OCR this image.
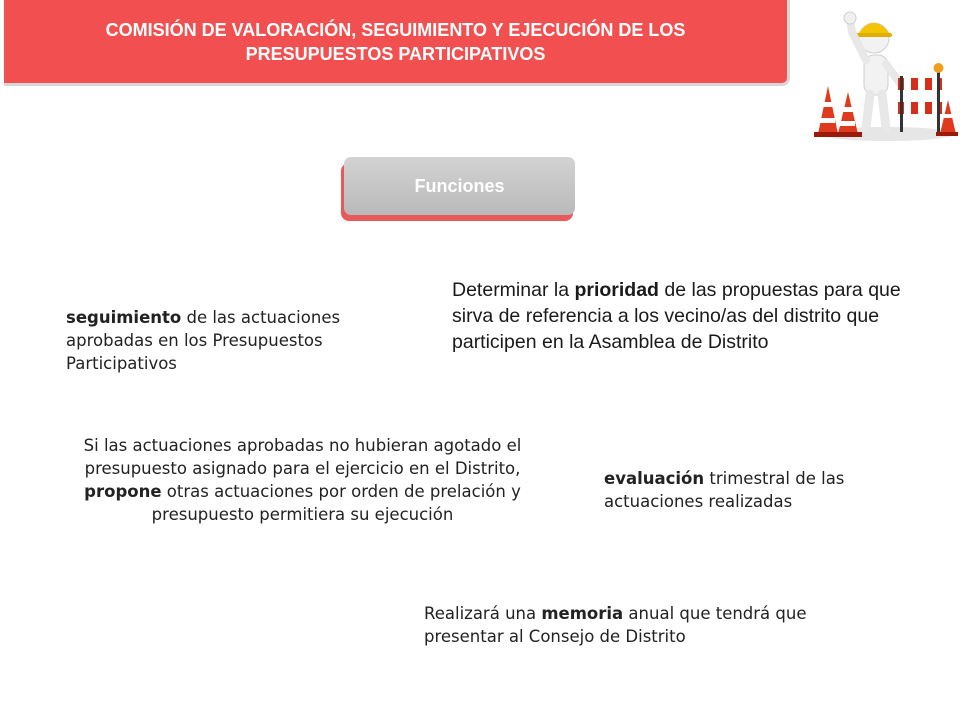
COMISIÓN DE VALORACIÓN, SEGUIMIENTO Y EJECUCIÓN DE LOS
PRESUPUESTOS PARTICIPATIVOS
Funciones
seguimiento de las actuaciones aprobadas en los Presupuestos Participativos
Determinar la prioridad de las propuestas para que sirva de referencia a los vecino/as del distrito que participen en la Asamblea de Distrito
Si las actuaciones aprobadas no hubieran agotado el presupuesto asignado para el ejercicio en el Distrito, propone otras actuaciones por orden de prelación y presupuesto permitiera su ejecución
evaluación trimestral de las actuaciones realizadas
Realizará una memoria anual que tendrá que presentar al Consejo de Distrito
